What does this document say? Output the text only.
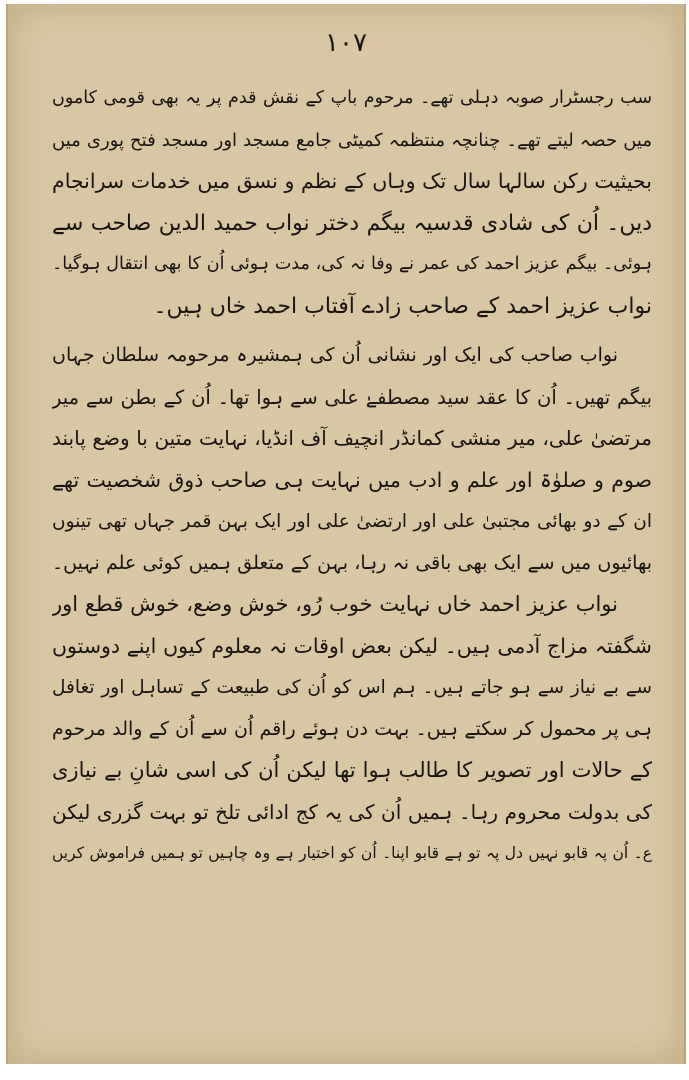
۱۰۷
سب رجسٹرار صوبہ دہلی تھے۔ مرحوم باپ کے نقش قدم پر یہ بھی قومی کاموں
میں حصہ لیتے تھے۔ چنانچہ منتظمہ کمیٹی جامع مسجد اور مسجد فتح پوری میں
بحیثیت رکن سالہا سال تک وہاں کے نظم و نسق میں خدمات سرانجام
دیں۔ اُن کی شادی قدسیہ بیگم دختر نواب حمید الدین صاحب سے
ہوئی۔ بیگم عزیز احمد کی عمر نے وفا نہ کی، مدت ہوئی اُن کا بھی انتقال ہوگیا۔
نواب عزیز احمد کے صاحب زادے آفتاب احمد خاں ہیں۔
نواب صاحب کی ایک اور نشانی اُن کی ہمشیرہ مرحومہ سلطان جہاں
بیگم تھیں۔ اُن کا عقد سید مصطفےٰ علی سے ہوا تھا۔ اُن کے بطن سے میر
مرتضیٰ علی، میر منشی کمانڈر انچیف آف انڈیا، نہایت متین با وضع پابند
صوم و صلوٰۃ اور علم و ادب میں نہایت ہی صاحب ذوق شخصیت تھے
ان کے دو بھائی مجتبیٰ علی اور ارتضیٰ علی اور ایک بہن قمر جہاں تھی تینوں
بھائیوں میں سے ایک بھی باقی نہ رہا، بہن کے متعلق ہمیں کوئی علم نہیں۔
نواب عزیز احمد خاں نہایت خوب رُو، خوش وضع، خوش قطع اور
شگفتہ مزاج آدمی ہیں۔ لیکن بعض اوقات نہ معلوم کیوں اپنے دوستوں
سے بے نیاز سے ہو جاتے ہیں۔ ہم اس کو اُن کی طبیعت کے تساہل اور تغافل
ہی پر محمول کر سکتے ہیں۔ بہت دن ہوئے راقم اُن سے اُن کے والد مرحوم
کے حالات اور تصویر کا طالب ہوا تھا لیکن اُن کی اسی شانِ بے نیازی
کی بدولت محروم رہا۔ ہمیں اُن کی یہ کج ادائی تلخ تو بہت گزری لیکن
ع۔ اُن پہ قابو نہیں دل پہ تو ہے قابو اپنا۔ اُن کو اختیار ہے وہ چاہیں تو ہمیں فراموش کریں
